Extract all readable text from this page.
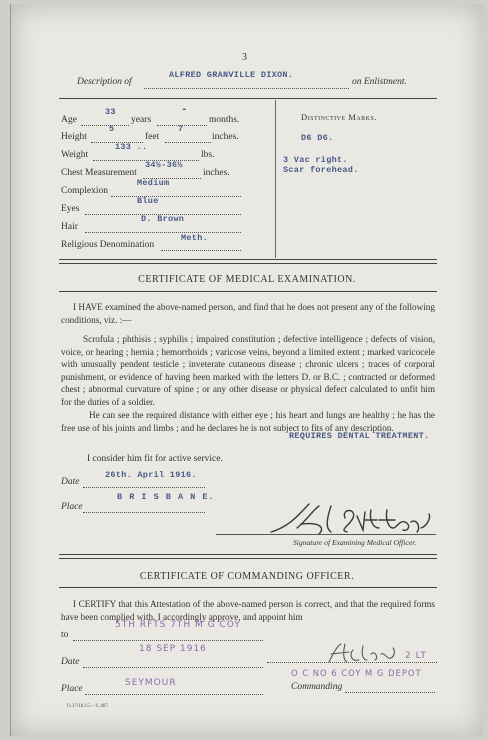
3
Description of
ALFRED GRANVILLE DIXON.
on Enlistment.
Age
33
years
-
months.
Height
5
feet
7
inches.
Weight
133 ..
lbs.
Chest Measurement
34½-36½
inches.
Complexion
Medium
Eyes
Blue
Hair
D. Brown
Religious Denomination
Meth.
Distinctive Marks.
D6 D6.
3 Vac right.
Scar forehead.
CERTIFICATE OF MEDICAL EXAMINATION.
I HAVE examined the above-named person, and find that he does not present any of the following conditions, viz. :—
Scrofula ; phthisis ; syphilis ; impaired constitution ; defective intelligence ; defects of vision, voice, or hearing ; hernia ; hemorrhoids ; varicose veins, beyond a limited extent ; marked varicocele with unusually pendent testicle ; inveterate cutaneous disease ; chronic ulcers ; traces of corporal punishment, or evidence of having been marked with the letters D. or B.C. ; contracted or deformed chest ; abnormal curvature of spine ; or any other disease or physical defect calculated to unfit him for the duties of a soldier.
He can see the required distance with either eye ; his heart and lungs are healthy ; he has the free use of his joints and limbs ; and he declares he is not subject to fits of any description.
REQUIRES DENTAL TREATMENT.
I consider him fit for active service.
Date
26th. April 1916.
Place
B R I S B A N E.
Signature of Examining Medical Officer.
CERTIFICATE OF COMMANDING OFFICER.
I CERTIFY that this Attestation of the above-named person is correct, and that the required forms have been complied with. I accordingly approve, and appoint him
to
5TH RFTS 7TH M G COY
Date
18 SEP 1916
Place
SEYMOUR
2 LT
O C NO 6 COY M G DEPOT
Commanding
D.37/18.15.—C.487.
